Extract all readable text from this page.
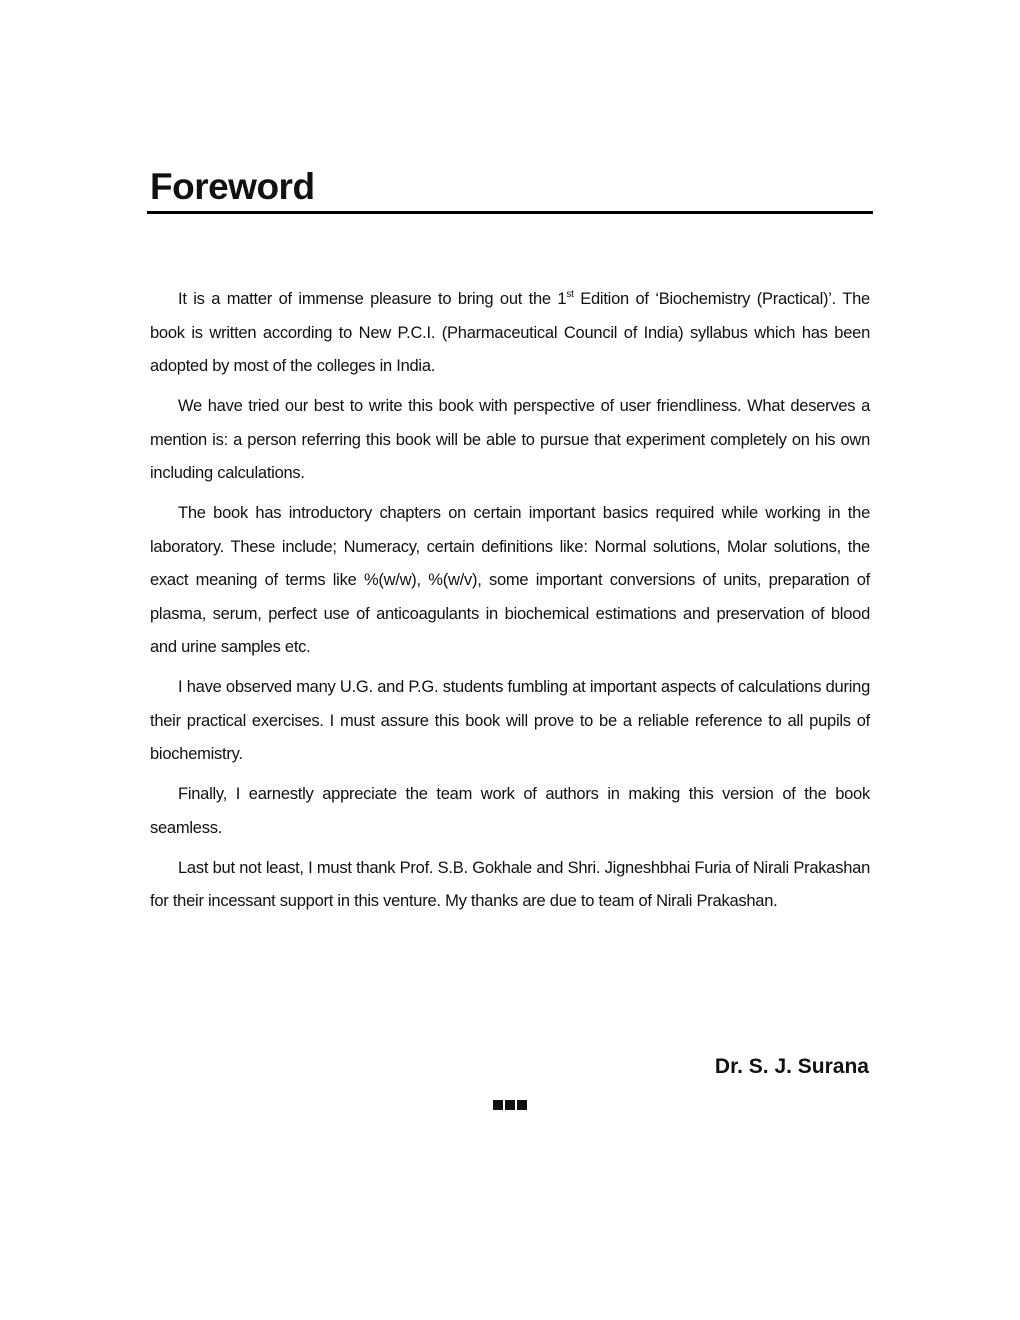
Foreword

It is a matter of immense pleasure to bring out the 1st Edition of ‘Biochemistry (Practical)’. The book is written according to New P.C.I. (Pharmaceutical Council of India) syllabus which has been adopted by most of the colleges in India.

We have tried our best to write this book with perspective of user friendliness. What deserves a mention is: a person referring this book will be able to pursue that experiment completely on his own including calculations.

The book has introductory chapters on certain important basics required while working in the laboratory. These include; Numeracy, certain definitions like: Normal solutions, Molar solutions, the exact meaning of terms like %(w/w), %(w/v), some important conversions of units, preparation of plasma, serum, perfect use of anticoagulants in biochemical estimations and preservation of blood and urine samples etc.

I have observed many U.G. and P.G. students fumbling at important aspects of calculations during their practical exercises. I must assure this book will prove to be a reliable reference to all pupils of biochemistry.

Finally, I earnestly appreciate the team work of authors in making this version of the book seamless.

Last but not least, I must thank Prof. S.B. Gokhale and Shri. Jigneshbhai Furia of Nirali Prakashan for their incessant support in this venture. My thanks are due to team of Nirali Prakashan.

Dr. S. J. Surana
